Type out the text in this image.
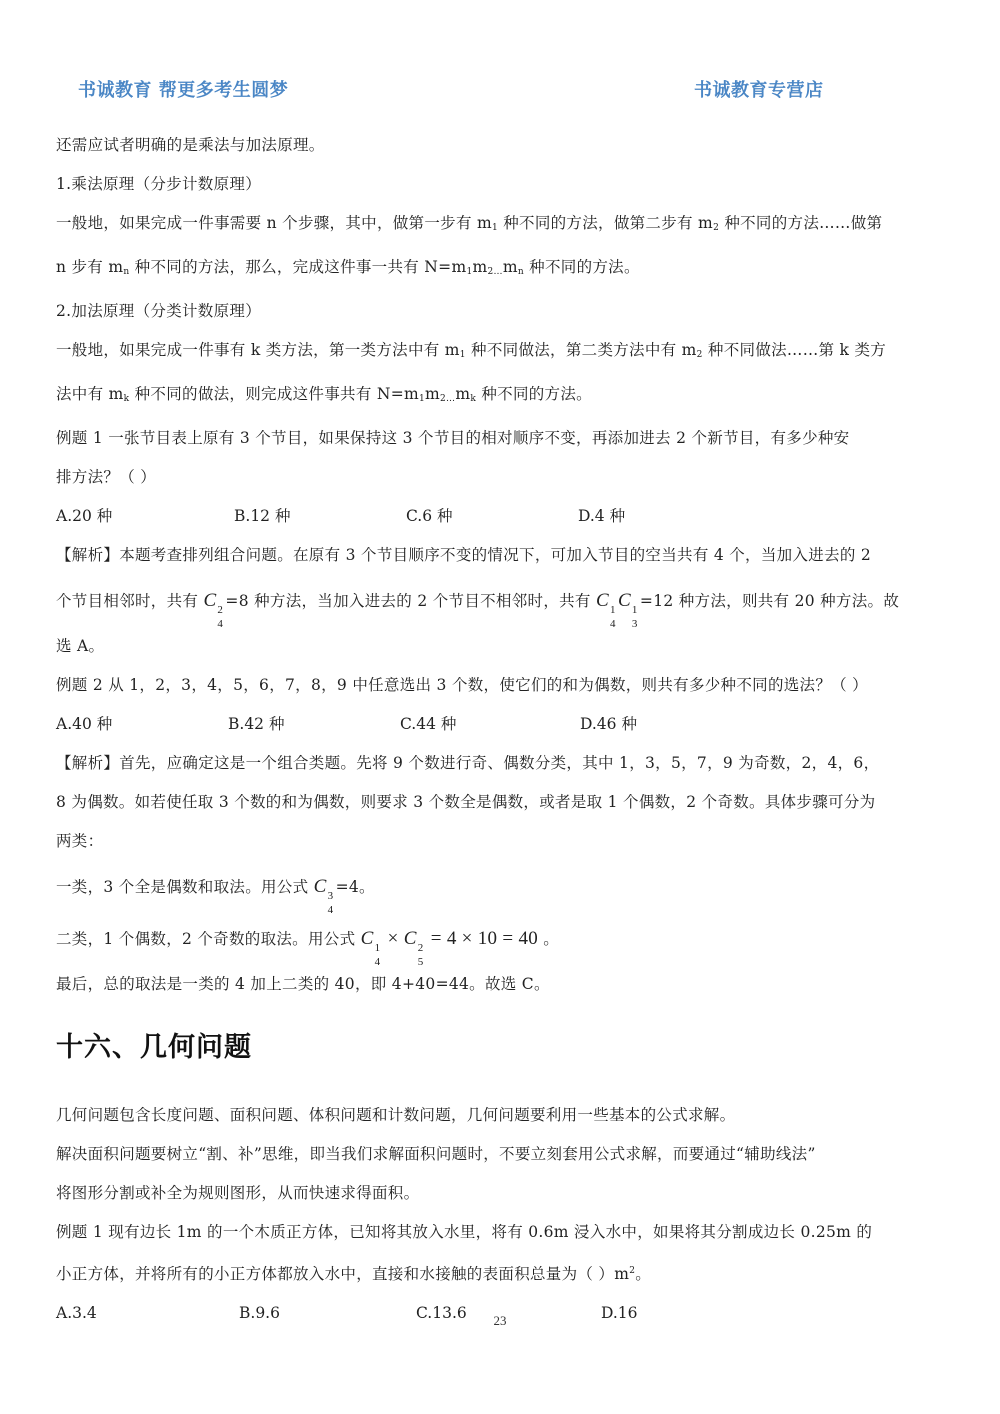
书诚教育 帮更多考生圆梦	书诚教育专营店

还需应试者明确的是乘法与加法原理。

1.乘法原理（分步计数原理）

一般地，如果完成一件事需要 n 个步骤，其中，做第一步有 m1 种不同的方法，做第二步有 m2 种不同的方法……做第

n 步有 mn 种不同的方法，那么，完成这件事一共有 N=m1m2…mn 种不同的方法。

2.加法原理（分类计数原理）

一般地，如果完成一件事有 k 类方法，第一类方法中有 m1 种不同做法，第二类方法中有 m2 种不同做法……第 k 类方

法中有 mk 种不同的做法，则完成这件事共有 N=m1m2…mk 种不同的方法。

例题 1 一张节目表上原有 3 个节目，如果保持这 3 个节目的相对顺序不变，再添加进去 2 个新节目，有多少种安

排方法？（ ）

A.20 种	B.12 种	C.6 种	D.4 种

【解析】本题考查排列组合问题。在原有 3 个节目顺序不变的情况下，可加入节目的空当共有 4 个，当加入进去的 2

个节目相邻时，共有 C 2
4
=8 种方法，当加入进去的 2 个节目不相邻时，共有 C 1
4
C 1
3
=12 种方法，则共有 20 种方法。故

选 A。

例题 2 从 1，2，3，4，5，6，7，8，9 中任意选出 3 个数，使它们的和为偶数，则共有多少种不同的选法？（ ）

A.40 种	B.42 种	C.44 种	D.46 种

【解析】首先，应确定这是一个组合类题。先将 9 个数进行奇、偶数分类，其中 1，3，5，7，9 为奇数，2，4，6，

8 为偶数。如若使任取 3 个数的和为偶数，则要求 3 个数全是偶数，或者是取 1 个偶数，2 个奇数。具体步骤可分为

两类：

一类，3 个全是偶数和取法。用公式 C 3
4
=4。

二类，1 个偶数，2 个奇数的取法。用公式 C 1
4
× C 2
5
= 4 × 10 = 40 。

最后，总的取法是一类的 4 加上二类的 40，即 4+40=44。故选 C。

十六、几何问题

几何问题包含长度问题、面积问题、体积问题和计数问题，几何问题要利用一些基本的公式求解。

解决面积问题要树立“割、补”思维，即当我们求解面积问题时，不要立刻套用公式求解，而要通过“辅助线法”

将图形分割或补全为规则图形，从而快速求得面积。

例题 1 现有边长 1m 的一个木质正方体，已知将其放入水里，将有 0.6m 浸入水中，如果将其分割成边长 0.25m 的

小正方体，并将所有的小正方体都放入水中，直接和水接触的表面积总量为（ ）$m^2$。

A.3.4	B.9.6	C.13.6	D.16
23
